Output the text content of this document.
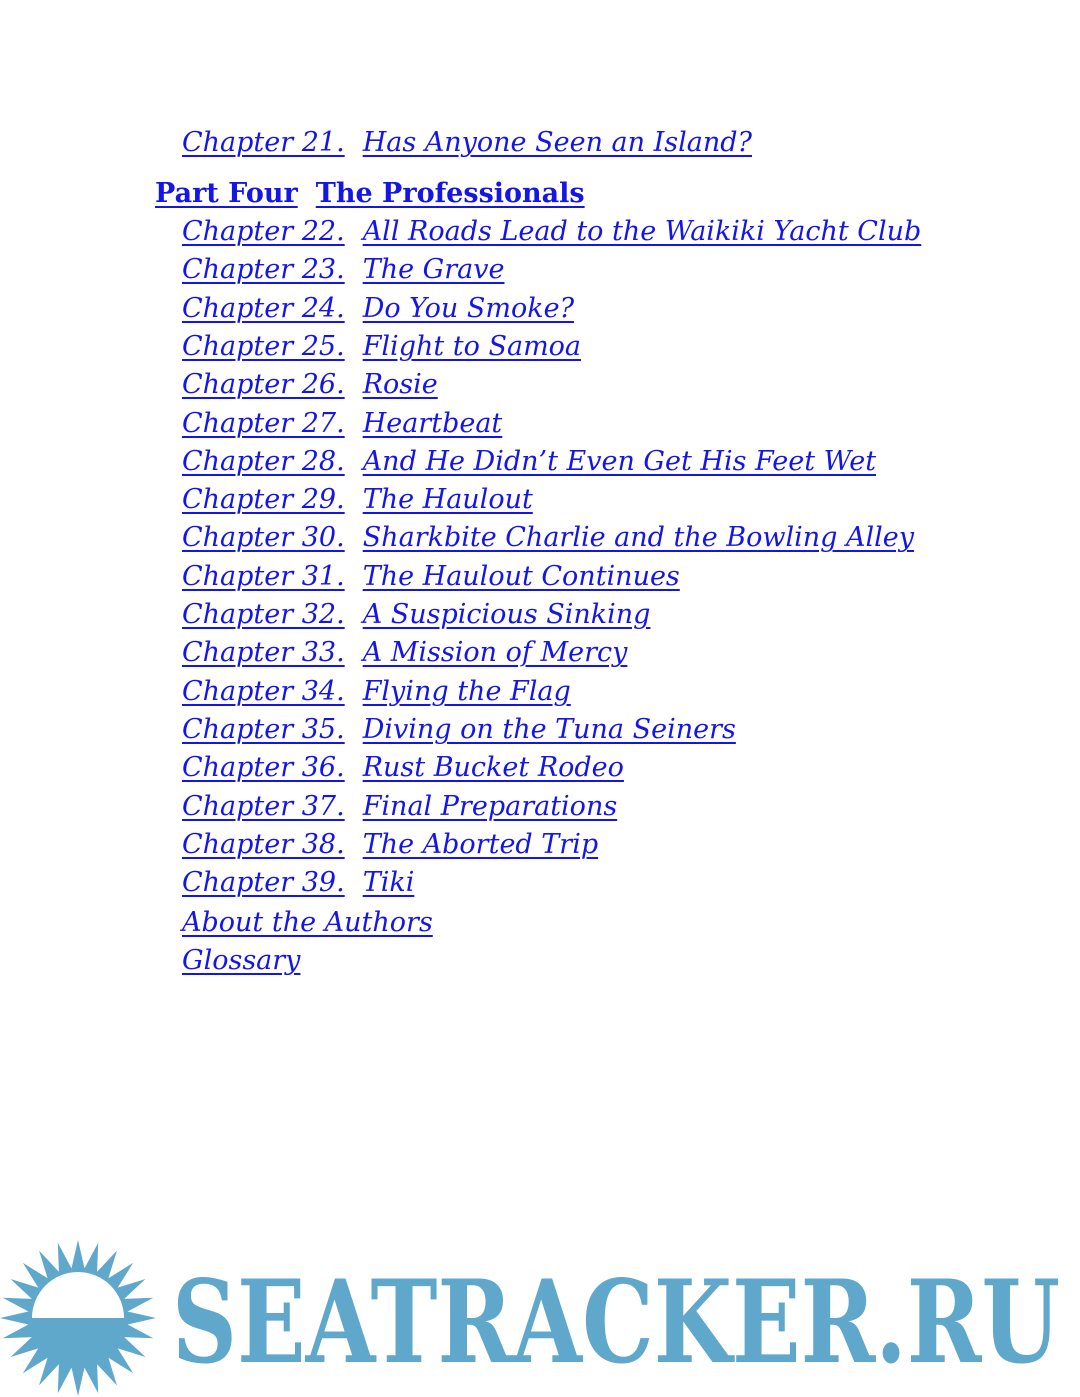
Chapter 21. Has Anyone Seen an Island?
Part Four The Professionals
Chapter 22. All Roads Lead to the Waikiki Yacht Club
Chapter 23. The Grave
Chapter 24. Do You Smoke?
Chapter 25. Flight to Samoa
Chapter 26. Rosie
Chapter 27. Heartbeat
Chapter 28. And He Didn’t Even Get His Feet Wet
Chapter 29. The Haulout
Chapter 30. Sharkbite Charlie and the Bowling Alley
Chapter 31. The Haulout Continues
Chapter 32. A Suspicious Sinking
Chapter 33. A Mission of Mercy
Chapter 34. Flying the Flag
Chapter 35. Diving on the Tuna Seiners
Chapter 36. Rust Bucket Rodeo
Chapter 37. Final Preparations
Chapter 38. The Aborted Trip
Chapter 39. Tiki
About the Authors
Glossary
SEATRACKER.RU
